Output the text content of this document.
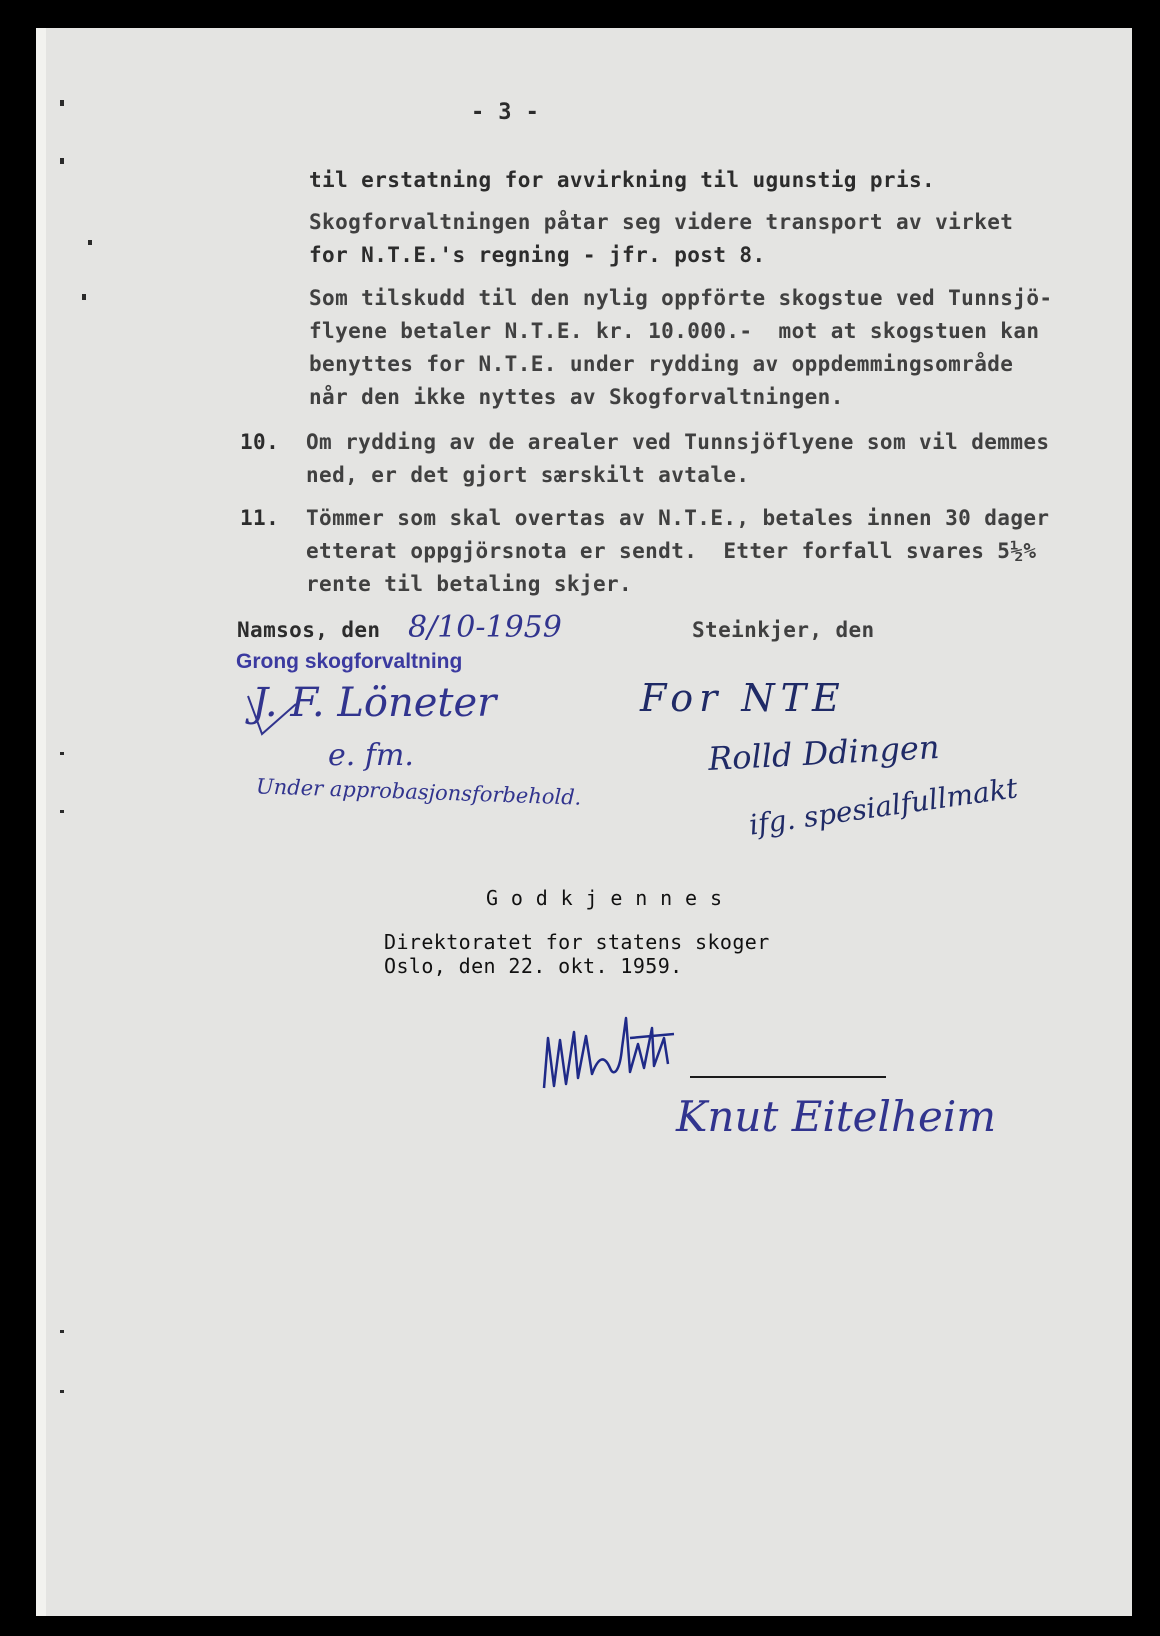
- 3 -
til erstatning for avvirkning til ugunstig pris.
Skogforvaltningen påtar seg videre transport av virket
for N.T.E.'s regning - jfr. post 8.
Som tilskudd til den nylig oppförte skogstue ved Tunnsjö-
flyene betaler N.T.E. kr. 10.000.-  mot at skogstuen kan
benyttes for N.T.E. under rydding av oppdemmingsområde
når den ikke nyttes av Skogforvaltningen.
10. Om rydding av de arealer ved Tunnsjöflyene som vil demmes
ned, er det gjort særskilt avtale.
11. Tömmer som skal overtas av N.T.E., betales innen 30 dager
etterat oppgjörsnota er sendt.  Etter forfall svares 5½%
rente til betaling skjer.
Namsos, den 8/10-1959	Steinkjer, den
Grong skogforvaltning
J. F. Löneter
e. fm.
Under approbasjonsforbehold.
For NTE
Rolld Ddingen
ifg. spesialfullmakt
G o d k j e n n e s
Direktoratet for statens skoger
Oslo, den 22. okt. 1959.
Knut Eitelheim
